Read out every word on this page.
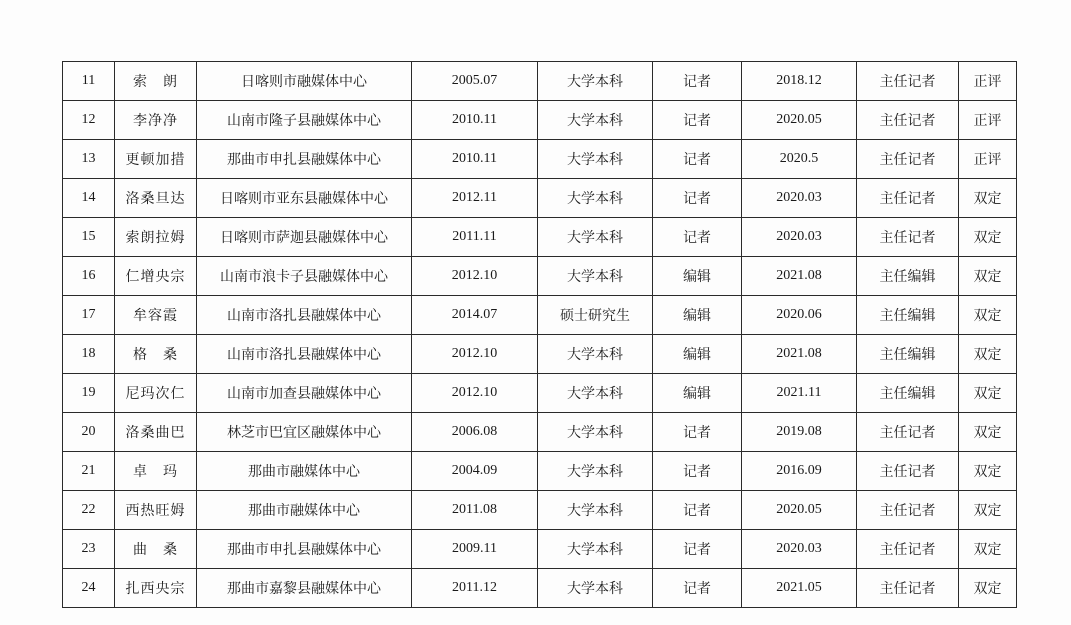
11	索　朗	日喀则市融媒体中心	2005.07	大学本科	记者	2018.12	主任记者	正评
12	李净净	山南市隆子县融媒体中心	2010.11	大学本科	记者	2020.05	主任记者	正评
13	更顿加措	那曲市申扎县融媒体中心	2010.11	大学本科	记者	2020.5	主任记者	正评
14	洛桑旦达	日喀则市亚东县融媒体中心	2012.11	大学本科	记者	2020.03	主任记者	双定
15	索朗拉姆	日喀则市萨迦县融媒体中心	2011.11	大学本科	记者	2020.03	主任记者	双定
16	仁增央宗	山南市浪卡子县融媒体中心	2012.10	大学本科	编辑	2021.08	主任编辑	双定
17	牟容霞	山南市洛扎县融媒体中心	2014.07	硕士研究生	编辑	2020.06	主任编辑	双定
18	格　桑	山南市洛扎县融媒体中心	2012.10	大学本科	编辑	2021.08	主任编辑	双定
19	尼玛次仁	山南市加查县融媒体中心	2012.10	大学本科	编辑	2021.11	主任编辑	双定
20	洛桑曲巴	林芝市巴宜区融媒体中心	2006.08	大学本科	记者	2019.08	主任记者	双定
21	卓　玛	那曲市融媒体中心	2004.09	大学本科	记者	2016.09	主任记者	双定
22	西热旺姆	那曲市融媒体中心	2011.08	大学本科	记者	2020.05	主任记者	双定
23	曲　桑	那曲市申扎县融媒体中心	2009.11	大学本科	记者	2020.03	主任记者	双定
24	扎西央宗	那曲市嘉黎县融媒体中心	2011.12	大学本科	记者	2021.05	主任记者	双定
